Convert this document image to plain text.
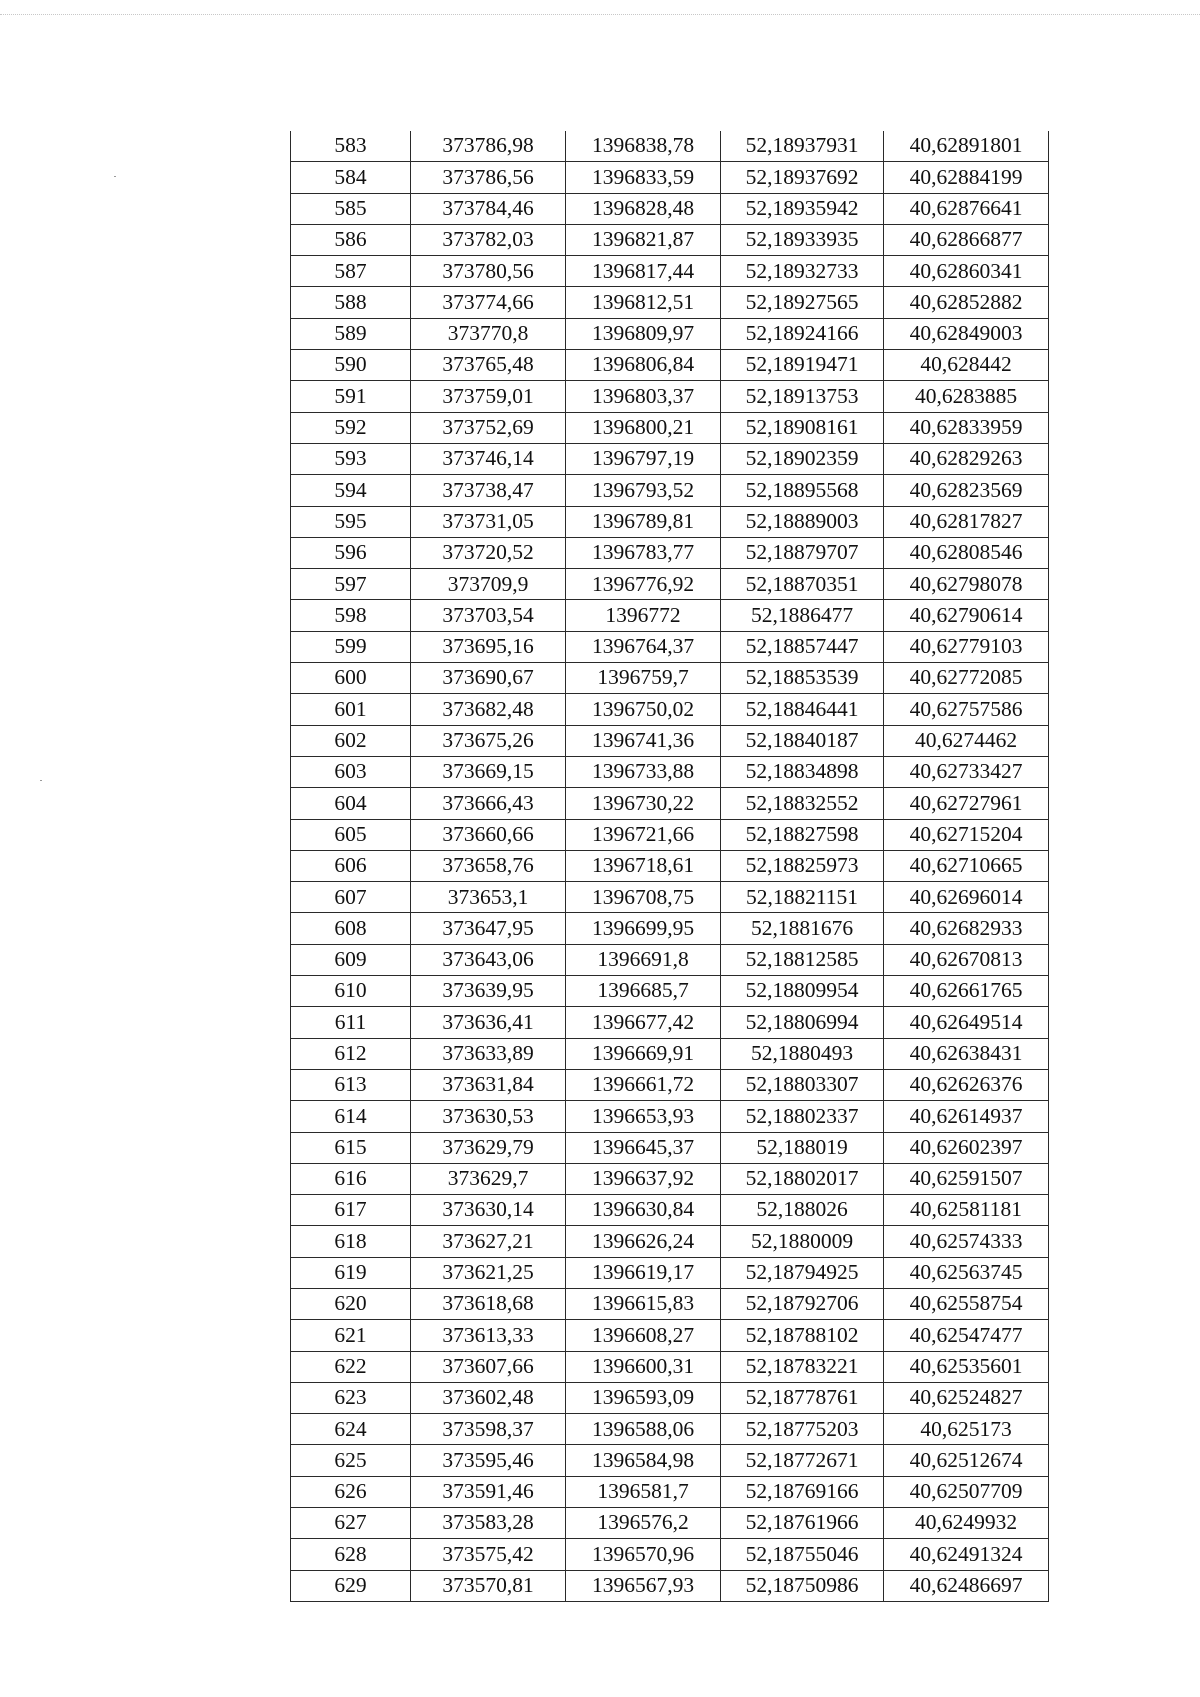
583	373786,98	1396838,78	52,18937931	40,62891801
584	373786,56	1396833,59	52,18937692	40,62884199
585	373784,46	1396828,48	52,18935942	40,62876641
586	373782,03	1396821,87	52,18933935	40,62866877
587	373780,56	1396817,44	52,18932733	40,62860341
588	373774,66	1396812,51	52,18927565	40,62852882
589	373770,8	1396809,97	52,18924166	40,62849003
590	373765,48	1396806,84	52,18919471	40,628442
591	373759,01	1396803,37	52,18913753	40,6283885
592	373752,69	1396800,21	52,18908161	40,62833959
593	373746,14	1396797,19	52,18902359	40,62829263
594	373738,47	1396793,52	52,18895568	40,62823569
595	373731,05	1396789,81	52,18889003	40,62817827
596	373720,52	1396783,77	52,18879707	40,62808546
597	373709,9	1396776,92	52,18870351	40,62798078
598	373703,54	1396772	52,1886477	40,62790614
599	373695,16	1396764,37	52,18857447	40,62779103
600	373690,67	1396759,7	52,18853539	40,62772085
601	373682,48	1396750,02	52,18846441	40,62757586
602	373675,26	1396741,36	52,18840187	40,6274462
603	373669,15	1396733,88	52,18834898	40,62733427
604	373666,43	1396730,22	52,18832552	40,62727961
605	373660,66	1396721,66	52,18827598	40,62715204
606	373658,76	1396718,61	52,18825973	40,62710665
607	373653,1	1396708,75	52,18821151	40,62696014
608	373647,95	1396699,95	52,1881676	40,62682933
609	373643,06	1396691,8	52,18812585	40,62670813
610	373639,95	1396685,7	52,18809954	40,62661765
611	373636,41	1396677,42	52,18806994	40,62649514
612	373633,89	1396669,91	52,1880493	40,62638431
613	373631,84	1396661,72	52,18803307	40,62626376
614	373630,53	1396653,93	52,18802337	40,62614937
615	373629,79	1396645,37	52,188019	40,62602397
616	373629,7	1396637,92	52,18802017	40,62591507
617	373630,14	1396630,84	52,188026	40,62581181
618	373627,21	1396626,24	52,1880009	40,62574333
619	373621,25	1396619,17	52,18794925	40,62563745
620	373618,68	1396615,83	52,18792706	40,62558754
621	373613,33	1396608,27	52,18788102	40,62547477
622	373607,66	1396600,31	52,18783221	40,62535601
623	373602,48	1396593,09	52,18778761	40,62524827
624	373598,37	1396588,06	52,18775203	40,625173
625	373595,46	1396584,98	52,18772671	40,62512674
626	373591,46	1396581,7	52,18769166	40,62507709
627	373583,28	1396576,2	52,18761966	40,6249932
628	373575,42	1396570,96	52,18755046	40,62491324
629	373570,81	1396567,93	52,18750986	40,62486697
